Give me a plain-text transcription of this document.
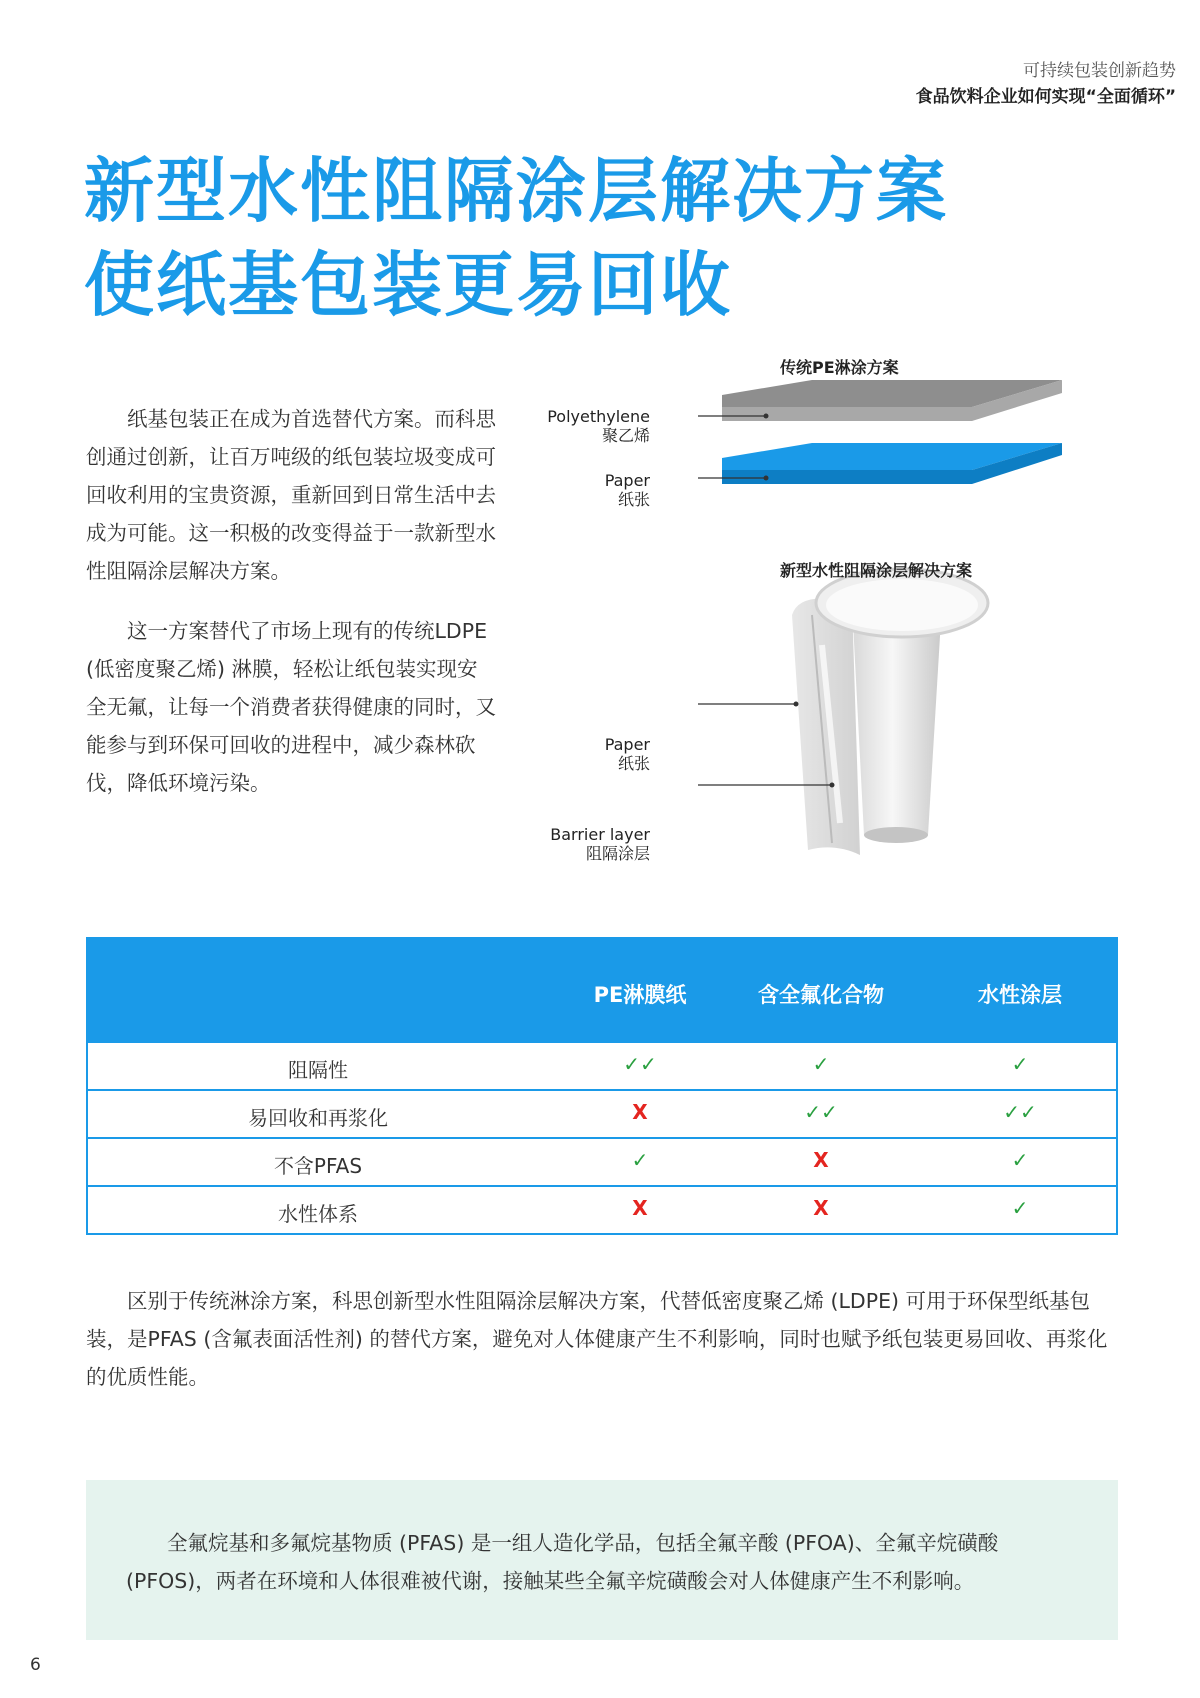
可持续包装创新趋势
食品饮料企业如何实现“全面循环”
新型水性阻隔涂层解决方案
使纸基包装更易回收

纸基包装正在成为首选替代方案。而科思创通过创新，让百万吨级的纸包装垃圾变成可回收利用的宝贵资源，重新回到日常生活中去成为可能。这一积极的改变得益于一款新型水性阻隔涂层解决方案。

这一方案替代了市场上现有的传统LDPE (低密度聚乙烯) 淋膜，轻松让纸包装实现安全无氟，让每一个消费者获得健康的同时，又能参与到环保可回收的进程中，减少森林砍伐，降低环境污染。

传统PE淋涂方案
Polyethylene
聚乙烯
Paper
纸张
新型水性阻隔涂层解决方案
Paper
纸张
Barrier layer
阻隔涂层
PE淋膜纸	含全氟化合物	水性涂层
阻隔性	✓✓	✓	✓
易回收和再浆化	X	✓✓	✓✓
不含PFAS	✓	X	✓
水性体系	X	X	✓

区别于传统淋涂方案，科思创新型水性阻隔涂层解决方案，代替低密度聚乙烯 (LDPE) 可用于环保型纸基包装，是PFAS (含氟表面活性剂) 的替代方案，避免对人体健康产生不利影响，同时也赋予纸包装更易回收、再浆化的优质性能。

全氟烷基和多氟烷基物质 (PFAS) 是一组人造化学品，包括全氟辛酸 (PFOA)、全氟辛烷磺酸 (PFOS)，两者在环境和人体很难被代谢，接触某些全氟辛烷磺酸会对人体健康产生不利影响。

6
